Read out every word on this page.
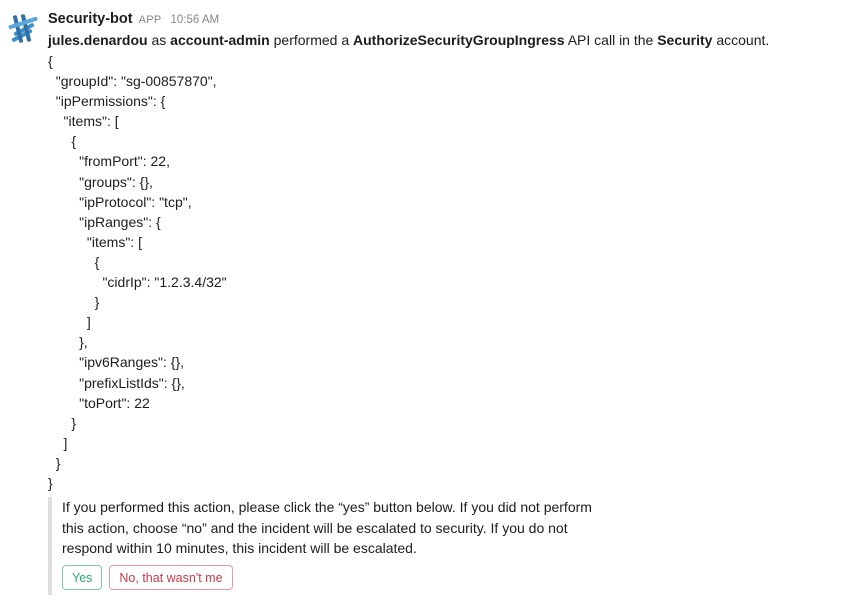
Security-bot APP 10:56 AM
jules.denardou as account-admin performed a AuthorizeSecurityGroupIngress API call in the Security account.
{
"groupId": "sg-00857870",
"ipPermissions": {
"items": [
{
"fromPort": 22,
"groups": {},
"ipProtocol": "tcp",
"ipRanges": {
"items": [
{
"cidrIp": "1.2.3.4/32"
}
]
},
"ipv6Ranges": {},
"prefixListIds": {},
"toPort": 22
}
]
}
}
If you performed this action, please click the “yes” button below. If you did not perform this action, choose “no” and the incident will be escalated to security. If you do not respond within 10 minutes, this incident will be escalated.
Yes	No, that wasn't me
